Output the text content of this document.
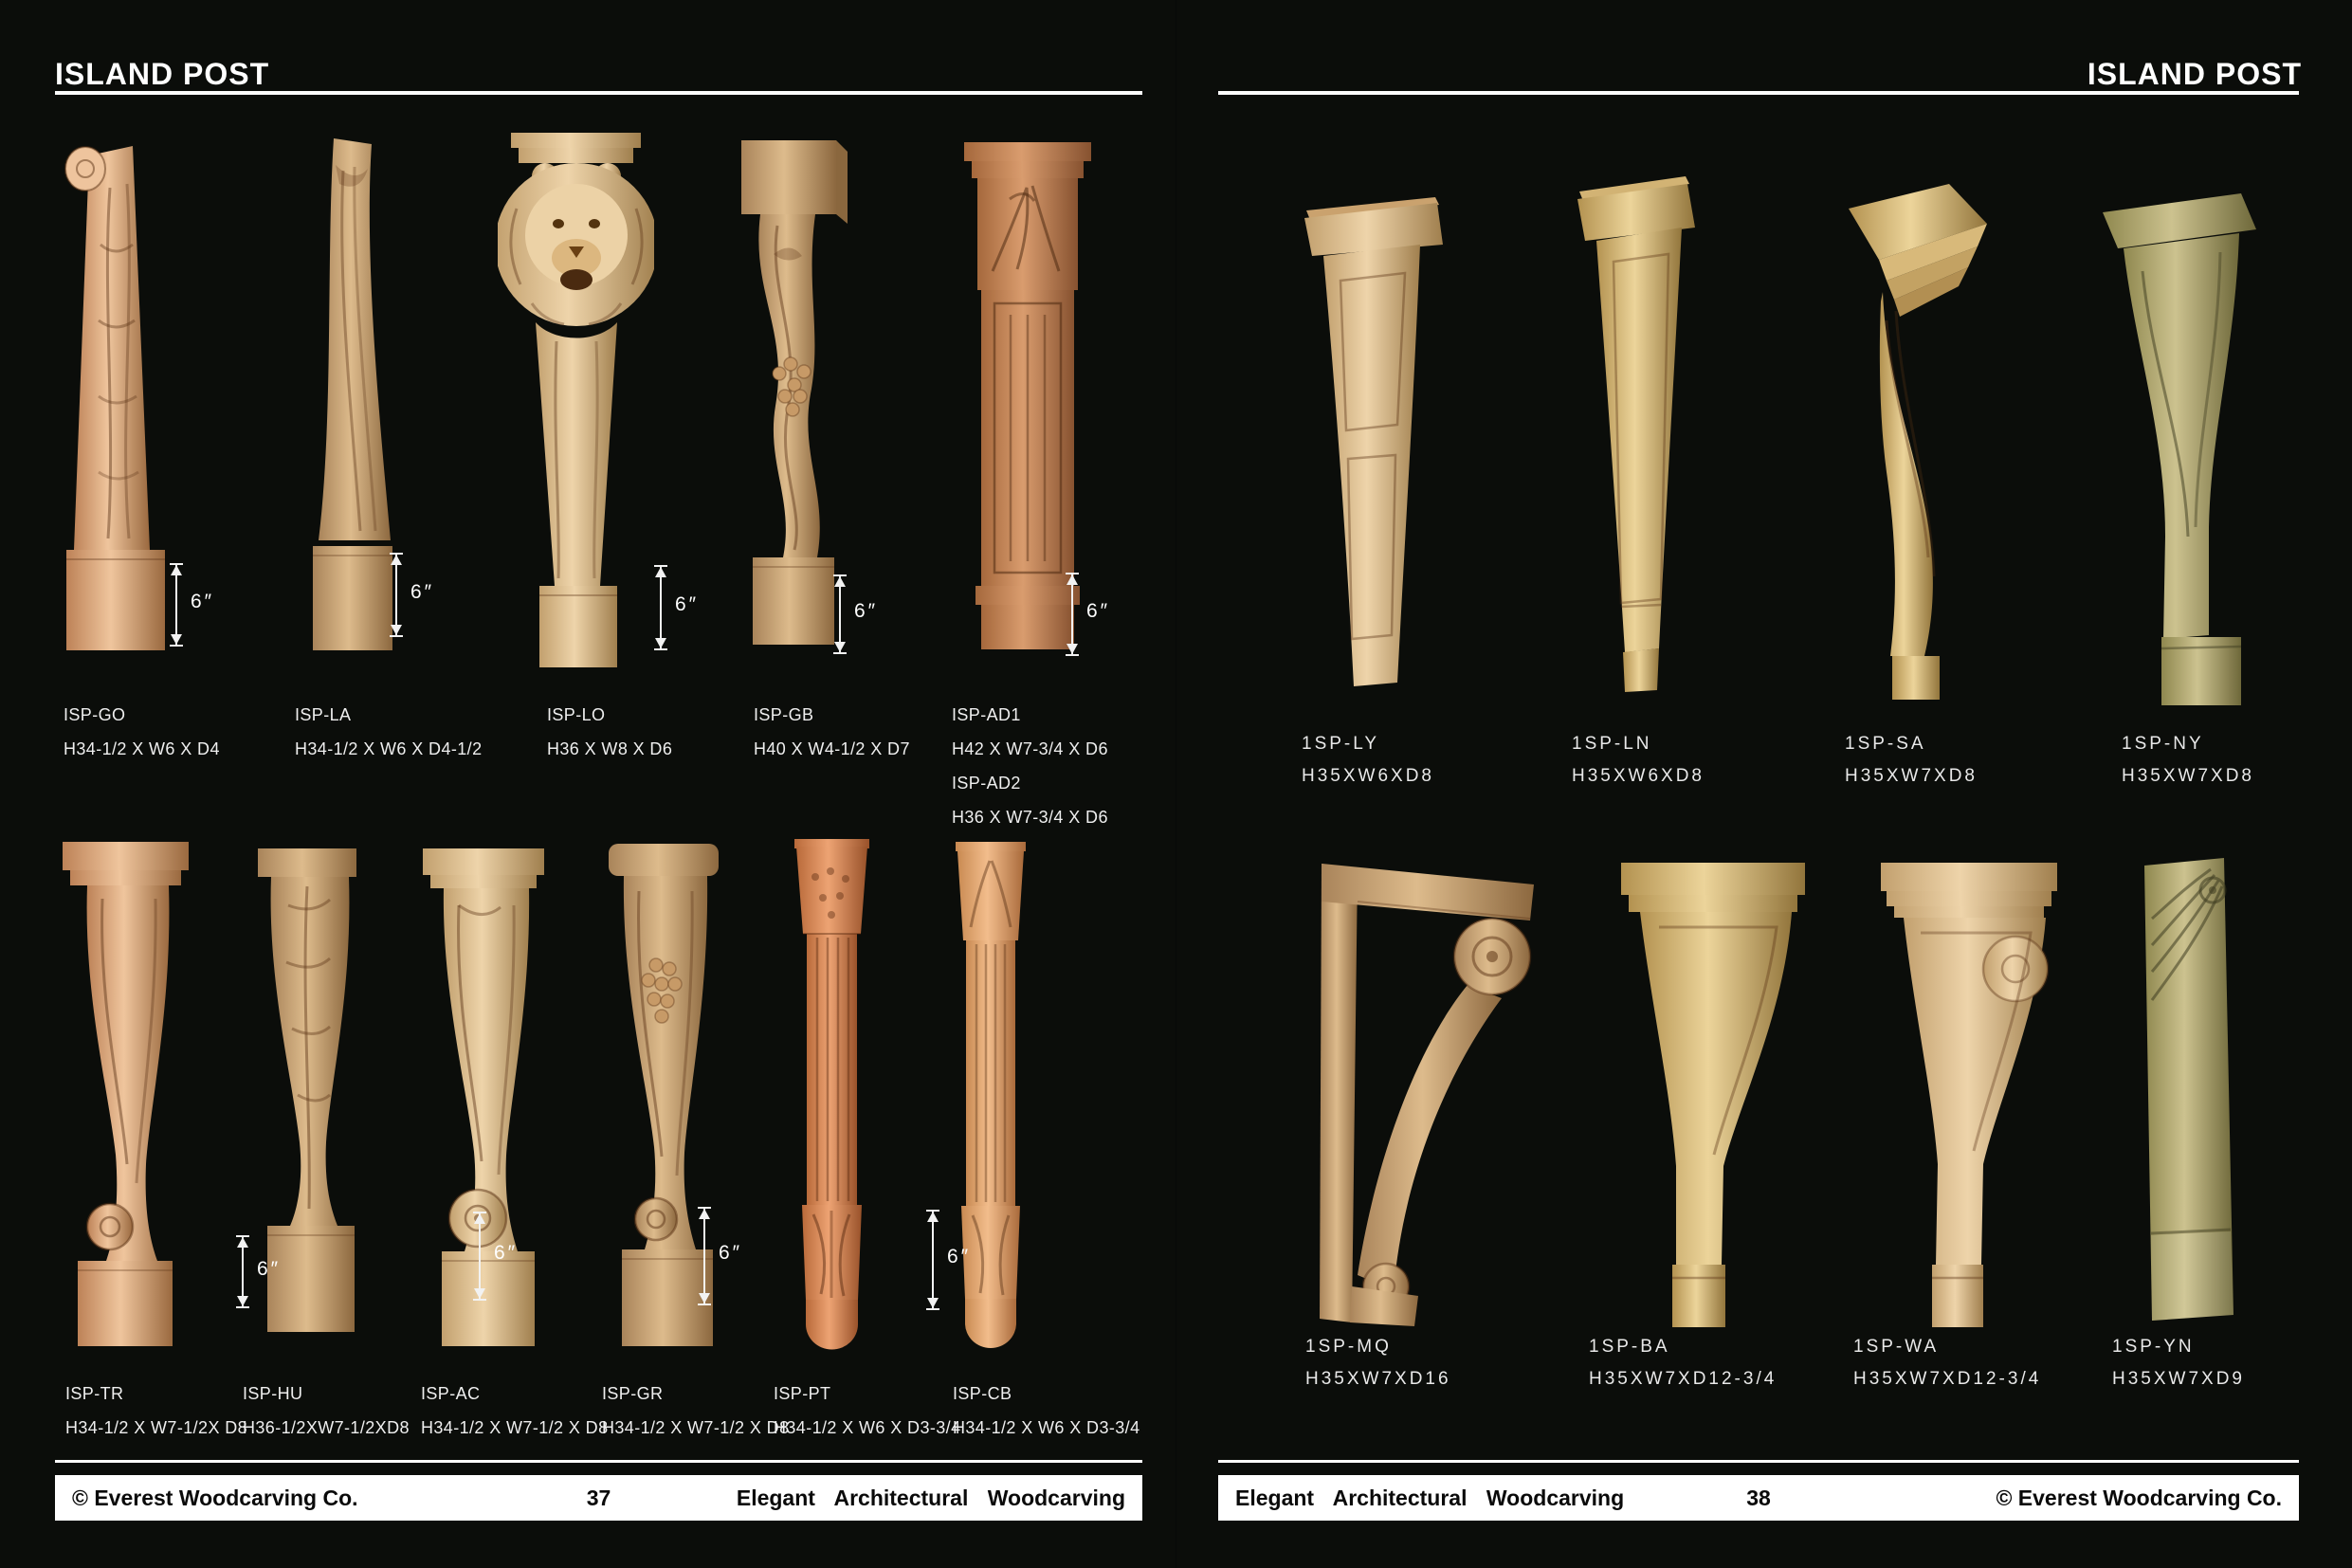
ISLAND POST
6″	6″
6″	6″	6″
ISP-GO
H34-1/2 X W6 X D4
ISP-LA
H34-1/2 X W6 X D4-1/2
ISP-LO
H36 X W8 X D6
ISP-GB
H40 X W4-1/2 X D7
ISP-AD1
H42 X W7-3/4 X D6
ISP-AD2
H36 X W7-3/4 X D6
6″
6″	6″	6″
ISP-TR
H34-1/2 X W7-1/2X D8
ISP-HU
H36-1/2XW7-1/2XD8
ISP-AC
H34-1/2 X W7-1/2 X D8
ISP-GR
H34-1/2 X W7-1/2 X D8
ISP-PT
H34-1/2 X W6 X D3-3/4
ISP-CB
H34-1/2 X W6 X D3-3/4
© Everest Woodcarving Co.	37	Elegant Architectural Woodcarving
ISLAND POST
1SP-LY
H35XW6XD8
1SP-LN
H35XW6XD8
1SP-SA
H35XW7XD8
1SP-NY
H35XW7XD8
1SP-MQ
H35XW7XD16
1SP-BA
H35XW7XD12-3/4
1SP-WA
H35XW7XD12-3/4
1SP-YN
H35XW7XD9
Elegant Architectural Woodcarving	38	© Everest Woodcarving Co.
